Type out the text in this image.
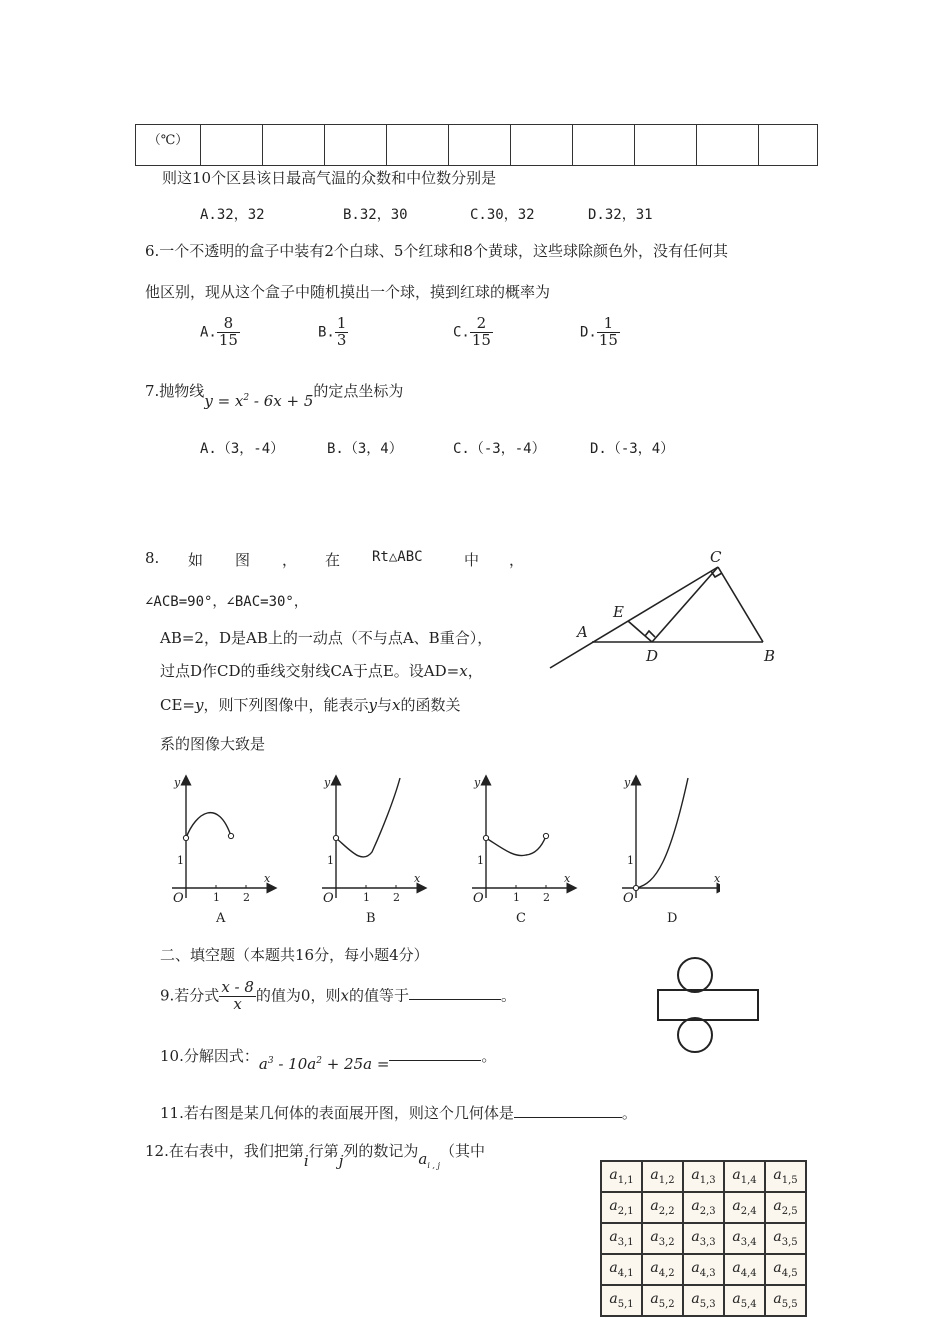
（℃）										
则这10个区县该日最高气温的众数和中位数分别是
A.32，32	B.32，30	C.30，32	D.32，31
6.一个不透明的盒子中装有2个白球、5个红球和8个黄球，这些球除颜色外，没有任何其
他区别，现从这个盒子中随机摸出一个球，摸到红球的概率为
A. $\frac{8}{15}$	B. $\frac{1}{3}$	C. $\frac{2}{15}$	D. $\frac{1}{15}$
7.抛物线$y = x^2 - 6x + 5$的定点坐标为
A.（3，-4）	B.（3，4）	C.（-3，-4）	D.（-3，4）
8. 如 图 ， 在 Rt△ABC	中 ，
∠ACB=90°，∠BAC=30°，
AB=2，D是AB上的一动点（不与点A、B重合），
过点D作CD的垂线交射线CA于点E。设AD=x，
CE=y，则下列图像中，能表示y与x的函数关
系的图像大致是
C
E
A
D	B
y
x
O	1 2
1
A
y
x
O	1 2
1
B
y
x
O	1 2
1
C
y
x
O
1
D
二、填空题（本题共16分，每小题4分）
9.若分式 $\frac{x - 8}{x}$ 的值为0，则x的值等于	。
10.分解因式：$a^3 - 10a^2 + 25a$ =	。
11.若右图是某几何体的表面展开图，则这个几何体是	。
12.在右表中，我们把第i行第j列的数记为$a_{i , j}$（其中
$a_{1,1}$	$a_{1,2}$	$a_{1,3}$	$a_{1,4}$	$a_{1,5}$
$a_{2,1}$	$a_{2,2}$	$a_{2,3}$	$a_{2,4}$	$a_{2,5}$
$a_{3,1}$	$a_{3,2}$	$a_{3,3}$	$a_{3,4}$	$a_{3,5}$
$a_{4,1}$	$a_{4,2}$	$a_{4,3}$	$a_{4,4}$	$a_{4,5}$
$a_{5,1}$	$a_{5,2}$	$a_{5,3}$	$a_{5,4}$	$a_{5,5}$
